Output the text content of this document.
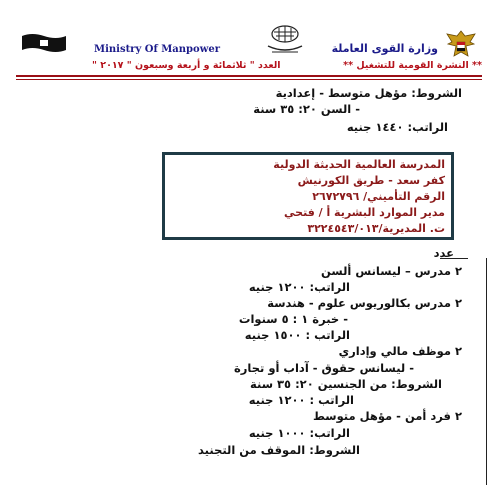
Ministry Of Manpower	وزارة القوى العاملة
** النشرة القومية للتشغيل **
العدد " ثلاثمائة و أربعة وسبعون " ٢٠١٧ "
الشروط: مؤهل متوسط - إعدادية
- السن ٢٠: ٣٥ سنة
الراتب: ١٤٤٠ جنيه
المدرسة العالمية الحديثة الدولية
كفر سعد - طريق الكورنيش
الرقم التأميني/ ٢٦٧٢٧٩٦
مدير الموارد البشرية أ / فتحي
ت. المديرية/٣٢٢٤٥٤٣/٠١٣
عدد
٢ مدرس – ليسانس ألسن
الراتب: ١٢٠٠ جنيه
٢ مدرس بكالوريوس علوم - هندسة
- خبرة ١ : ٥ سنوات
الراتب : ١٥٠٠ جنيه
٢ موظف مالي وإداري
- ليسانس حقوق - آداب أو تجارة
الشروط: من الجنسين ٢٠: ٣٥ سنة
الراتب : ١٢٠٠ جنيه
٢ فرد أمن - مؤهل متوسط
الراتب: ١٠٠٠ جنيه
الشروط: الموقف من التجنيد
